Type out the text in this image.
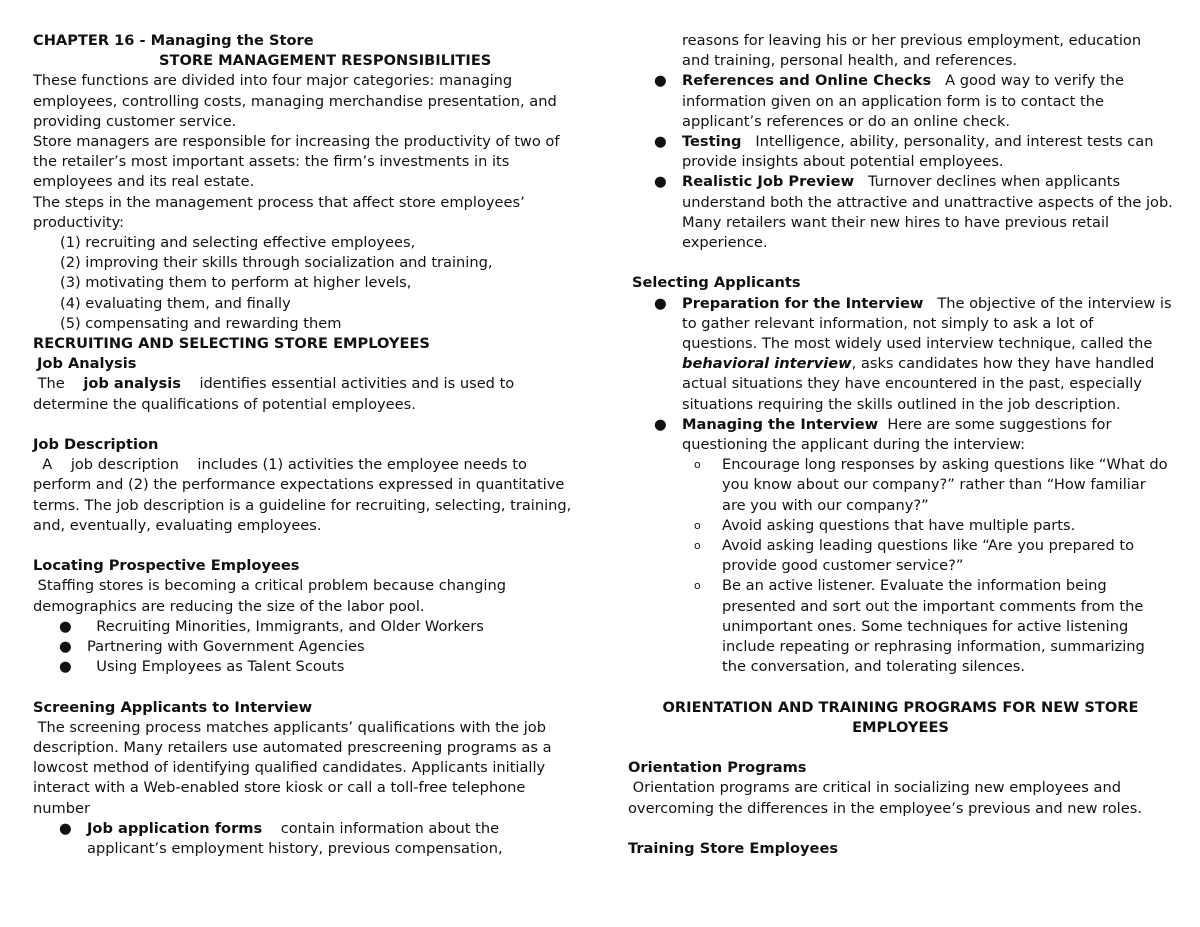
CHAPTER 16 - Managing the Store

STORE MANAGEMENT RESPONSIBILITIES

These functions are divided into four major categories: managing employees, controlling costs, managing merchandise presentation, and providing customer service.

Store managers are responsible for increasing the productivity of two of the retailer’s most important assets: the firm’s investments in its employees and its real estate.

The steps in the management process that affect store employees’ productivity:

(1) recruiting and selecting effective employees,
(2) improving their skills through socialization and training,
(3) motivating them to perform at higher levels,
(4) evaluating them, and finally
(5) compensating and rewarding them

RECRUITING AND SELECTING STORE EMPLOYEES

Job Analysis

The job analysis identifies essential activities and is used to determine the qualifications of potential employees.

Job Description

A job description includes (1) activities the employee needs to perform and (2) the performance expectations expressed in quantitative terms. The job description is a guideline for recruiting, selecting, training, and, eventually, evaluating employees.

Locating Prospective Employees

Staffing stores is becoming a critical problem because changing demographics are reducing the size of the labor pool.

● Recruiting Minorities, Immigrants, and Older Workers
● Partnering with Government Agencies
● Using Employees as Talent Scouts

Screening Applicants to Interview

The screening process matches applicants’ qualifications with the job description. Many retailers use automated prescreening programs as a lowcost method of identifying qualified candidates. Applicants initially interact with a Web-enabled store kiosk or call a toll-free telephone number

● Job application forms contain information about the applicant’s employment history, previous compensation,
reasons for leaving his or her previous employment, education and training, personal health, and references.
● References and Online Checks A good way to verify the information given on an application form is to contact the applicant’s references or do an online check.
● Testing Intelligence, ability, personality, and interest tests can provide insights about potential employees.
● Realistic Job Preview Turnover declines when applicants understand both the attractive and unattractive aspects of the job. Many retailers want their new hires to have previous retail experience.

Selecting Applicants

● Preparation for the Interview The objective of the interview is to gather relevant information, not simply to ask a lot of questions. The most widely used interview technique, called the  behavioral interview, asks candidates how they have handled actual situations they have encountered in the past, especially situations requiring the skills outlined in the job description.
● Managing the Interview Here are some suggestions for questioning the applicant during the interview:
o Encourage long responses by asking questions like “What do you know about our company?” rather than “How familiar are you with our company?”
o Avoid asking questions that have multiple parts.
o Avoid asking leading questions like “Are you prepared to provide good customer service?”
o Be an active listener. Evaluate the information being presented and sort out the important comments from the unimportant ones. Some techniques for active listening include repeating or rephrasing information, summarizing the conversation, and tolerating silences.

ORIENTATION AND TRAINING PROGRAMS FOR NEW STORE EMPLOYEES

Orientation Programs

Orientation programs are critical in socializing new employees and overcoming the differences in the employee’s previous and new roles.

Training Store Employees
